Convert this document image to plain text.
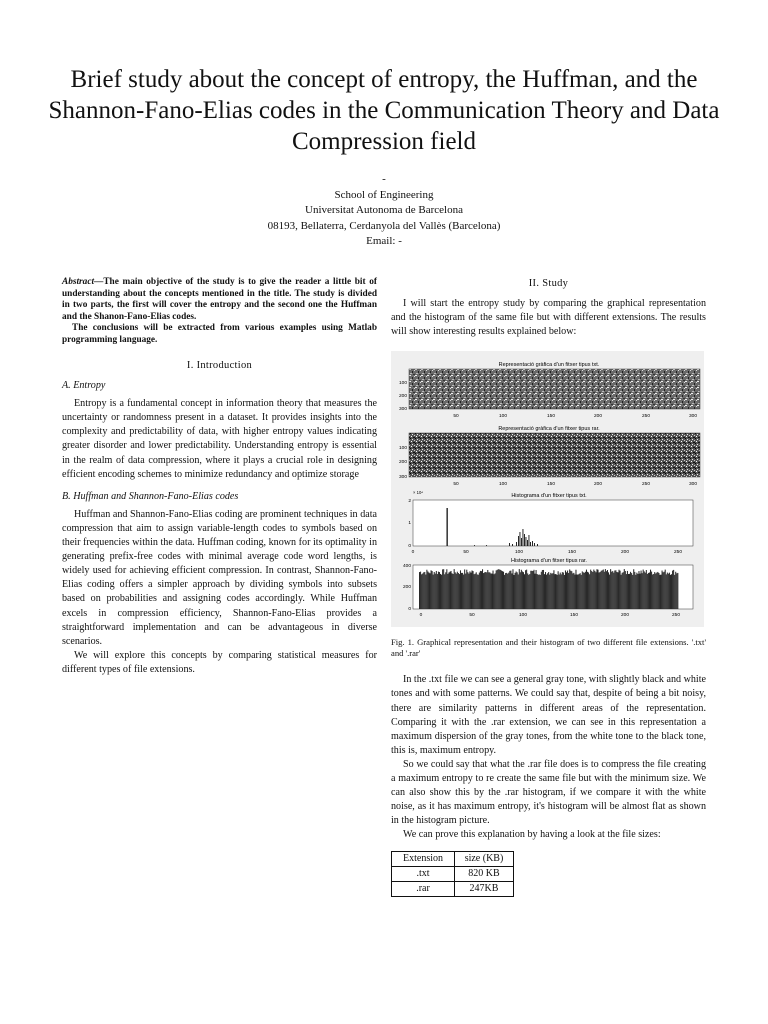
Brief study about the concept of entropy, the Huffman, and the Shannon-Fano-Elias codes in the Communication Theory and Data Compression field
-
School of Engineering
Universitat Autonoma de Barcelona
08193, Bellaterra, Cerdanyola del Vallès (Barcelona)
Email: -

Abstract—The main objective of the study is to give the reader a little bit of understanding about the concepts mentioned in the title. The study is divided in two parts, the first will cover the entropy and the second one the Huffman and the Shanon-Fano-Elias codes.

The conclusions will be extracted from various examples using Matlab programming language.

I. Introduction
A. Entropy

Entropy is a fundamental concept in information theory that measures the uncertainty or randomness present in a dataset. It provides insights into the complexity and predictability of data, with higher entropy values indicating greater disorder and lower predictability. Understanding entropy is essential in the realm of data compression, where it plays a crucial role in designing efficient encoding schemes to minimize redundancy and optimize storage

B. Huffman and Shannon-Fano-Elias codes

Huffman and Shannon-Fano-Elias coding are prominent techniques in data compression that aim to assign variable-length codes to symbols based on their frequencies within the data. Huffman coding, known for its optimality in generating prefix-free codes with minimal average code word lengths, is widely used for achieving efficient compression. In contrast, Shannon-Fano-Elias coding offers a simpler approach by dividing symbols into subsets based on probabilities and assigning codes accordingly. While Huffman excels in compression efficiency, Shannon-Fano-Elias provides a straightforward implementation and can be advantageous in diverse scenarios.

We will explore this concepts by comparing statistical measures for different types of file extensions.

II. Study

I will start the entropy study by comparing the graphical representation and the histogram of the same file but with different extensions. The results will show interesting results explained below:

Representació gràfica d'un fitxer tipus txt.
100
200
300
50	100	150	200	250	300
Representació gràfica d'un fitxer tipus rar.
100
200
300
50	100	150	200	250	300
Histograma d'un fitxer tipus txt.
× 10⁴
2
1
0
0	50	100	150	200	250
Histograma d'un fitxer tipus rar.
400
200
0
0	50	100	150	200	250
Fig. 1. Graphical representation and their histogram of two different file extensions. '.txt' and '.rar'

In the .txt file we can see a general gray tone, with slightly black and white tones and with some patterns. We could say that, despite of being a bit noisy, there are similarity patterns in different areas of the representation. Comparing it with the .rar extension, we can see in this representation a maximum dispersion of the gray tones, from the white tone to the black tone, this is, maximum entropy.

So we could say that what the .rar file does is to compress the file creating a maximum entropy to re create the same file but with the minimum size. We can also show this by the .rar histogram, if we compare it with the white noise, as it has maximum entropy, it's histogram will be almost flat as shown in the histogram picture.

We can prove this explanation by having a look at the file sizes:

Extension	size (KB)
.txt	820 KB
.rar	247KB
